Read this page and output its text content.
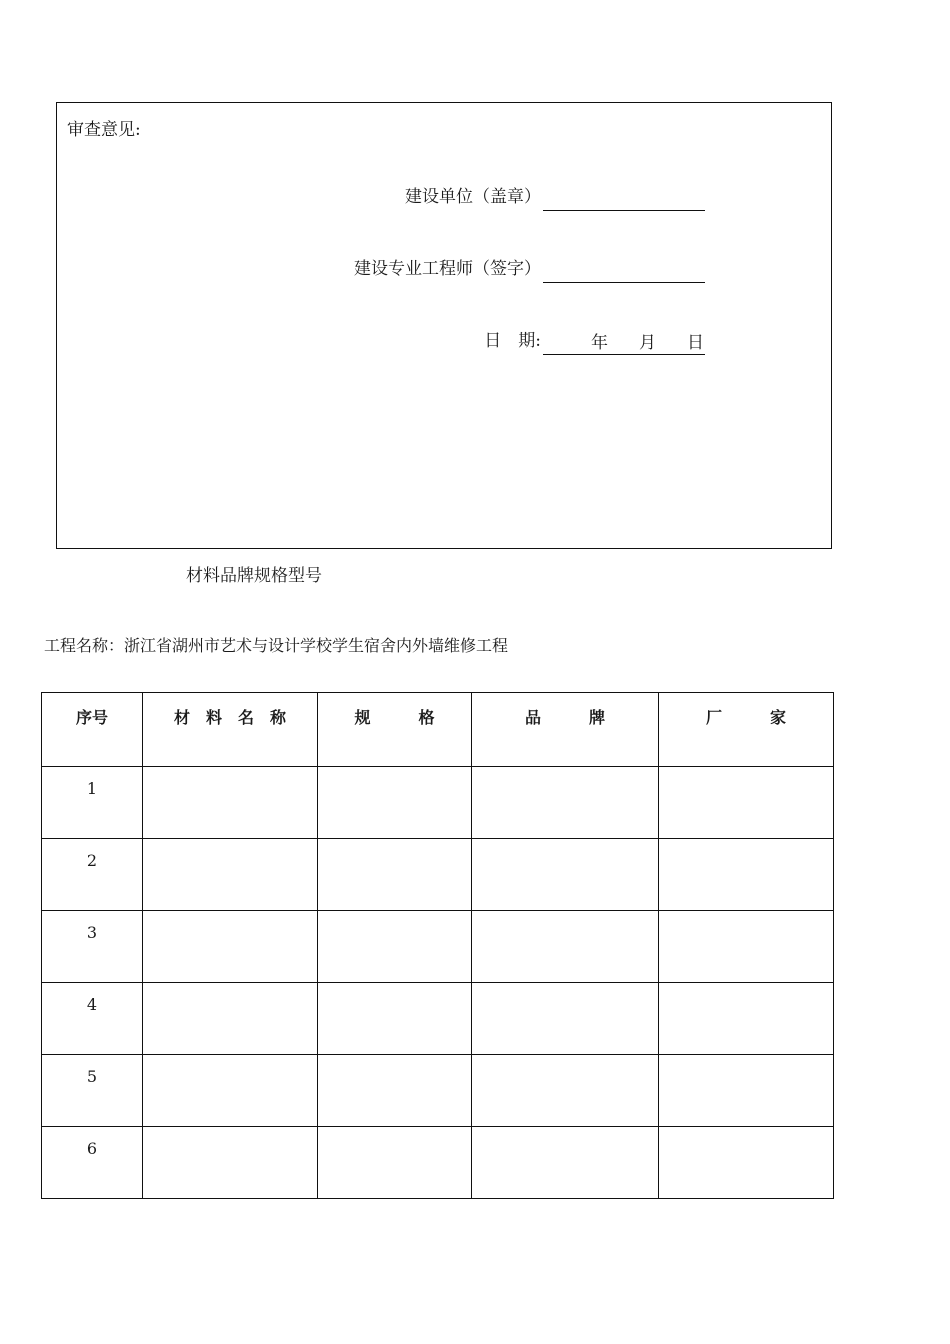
审查意见:
建设单位（盖章）
建设专业工程师（签字）
日　期:	年 月 日
材料品牌规格型号
工程名称：浙江省湖州市艺术与设计学校学生宿舍内外墙维修工程
序号	材　料　名　称	规　　　格	品　　　牌	厂　　　家
1				
2				
3				
4				
5				
6				
